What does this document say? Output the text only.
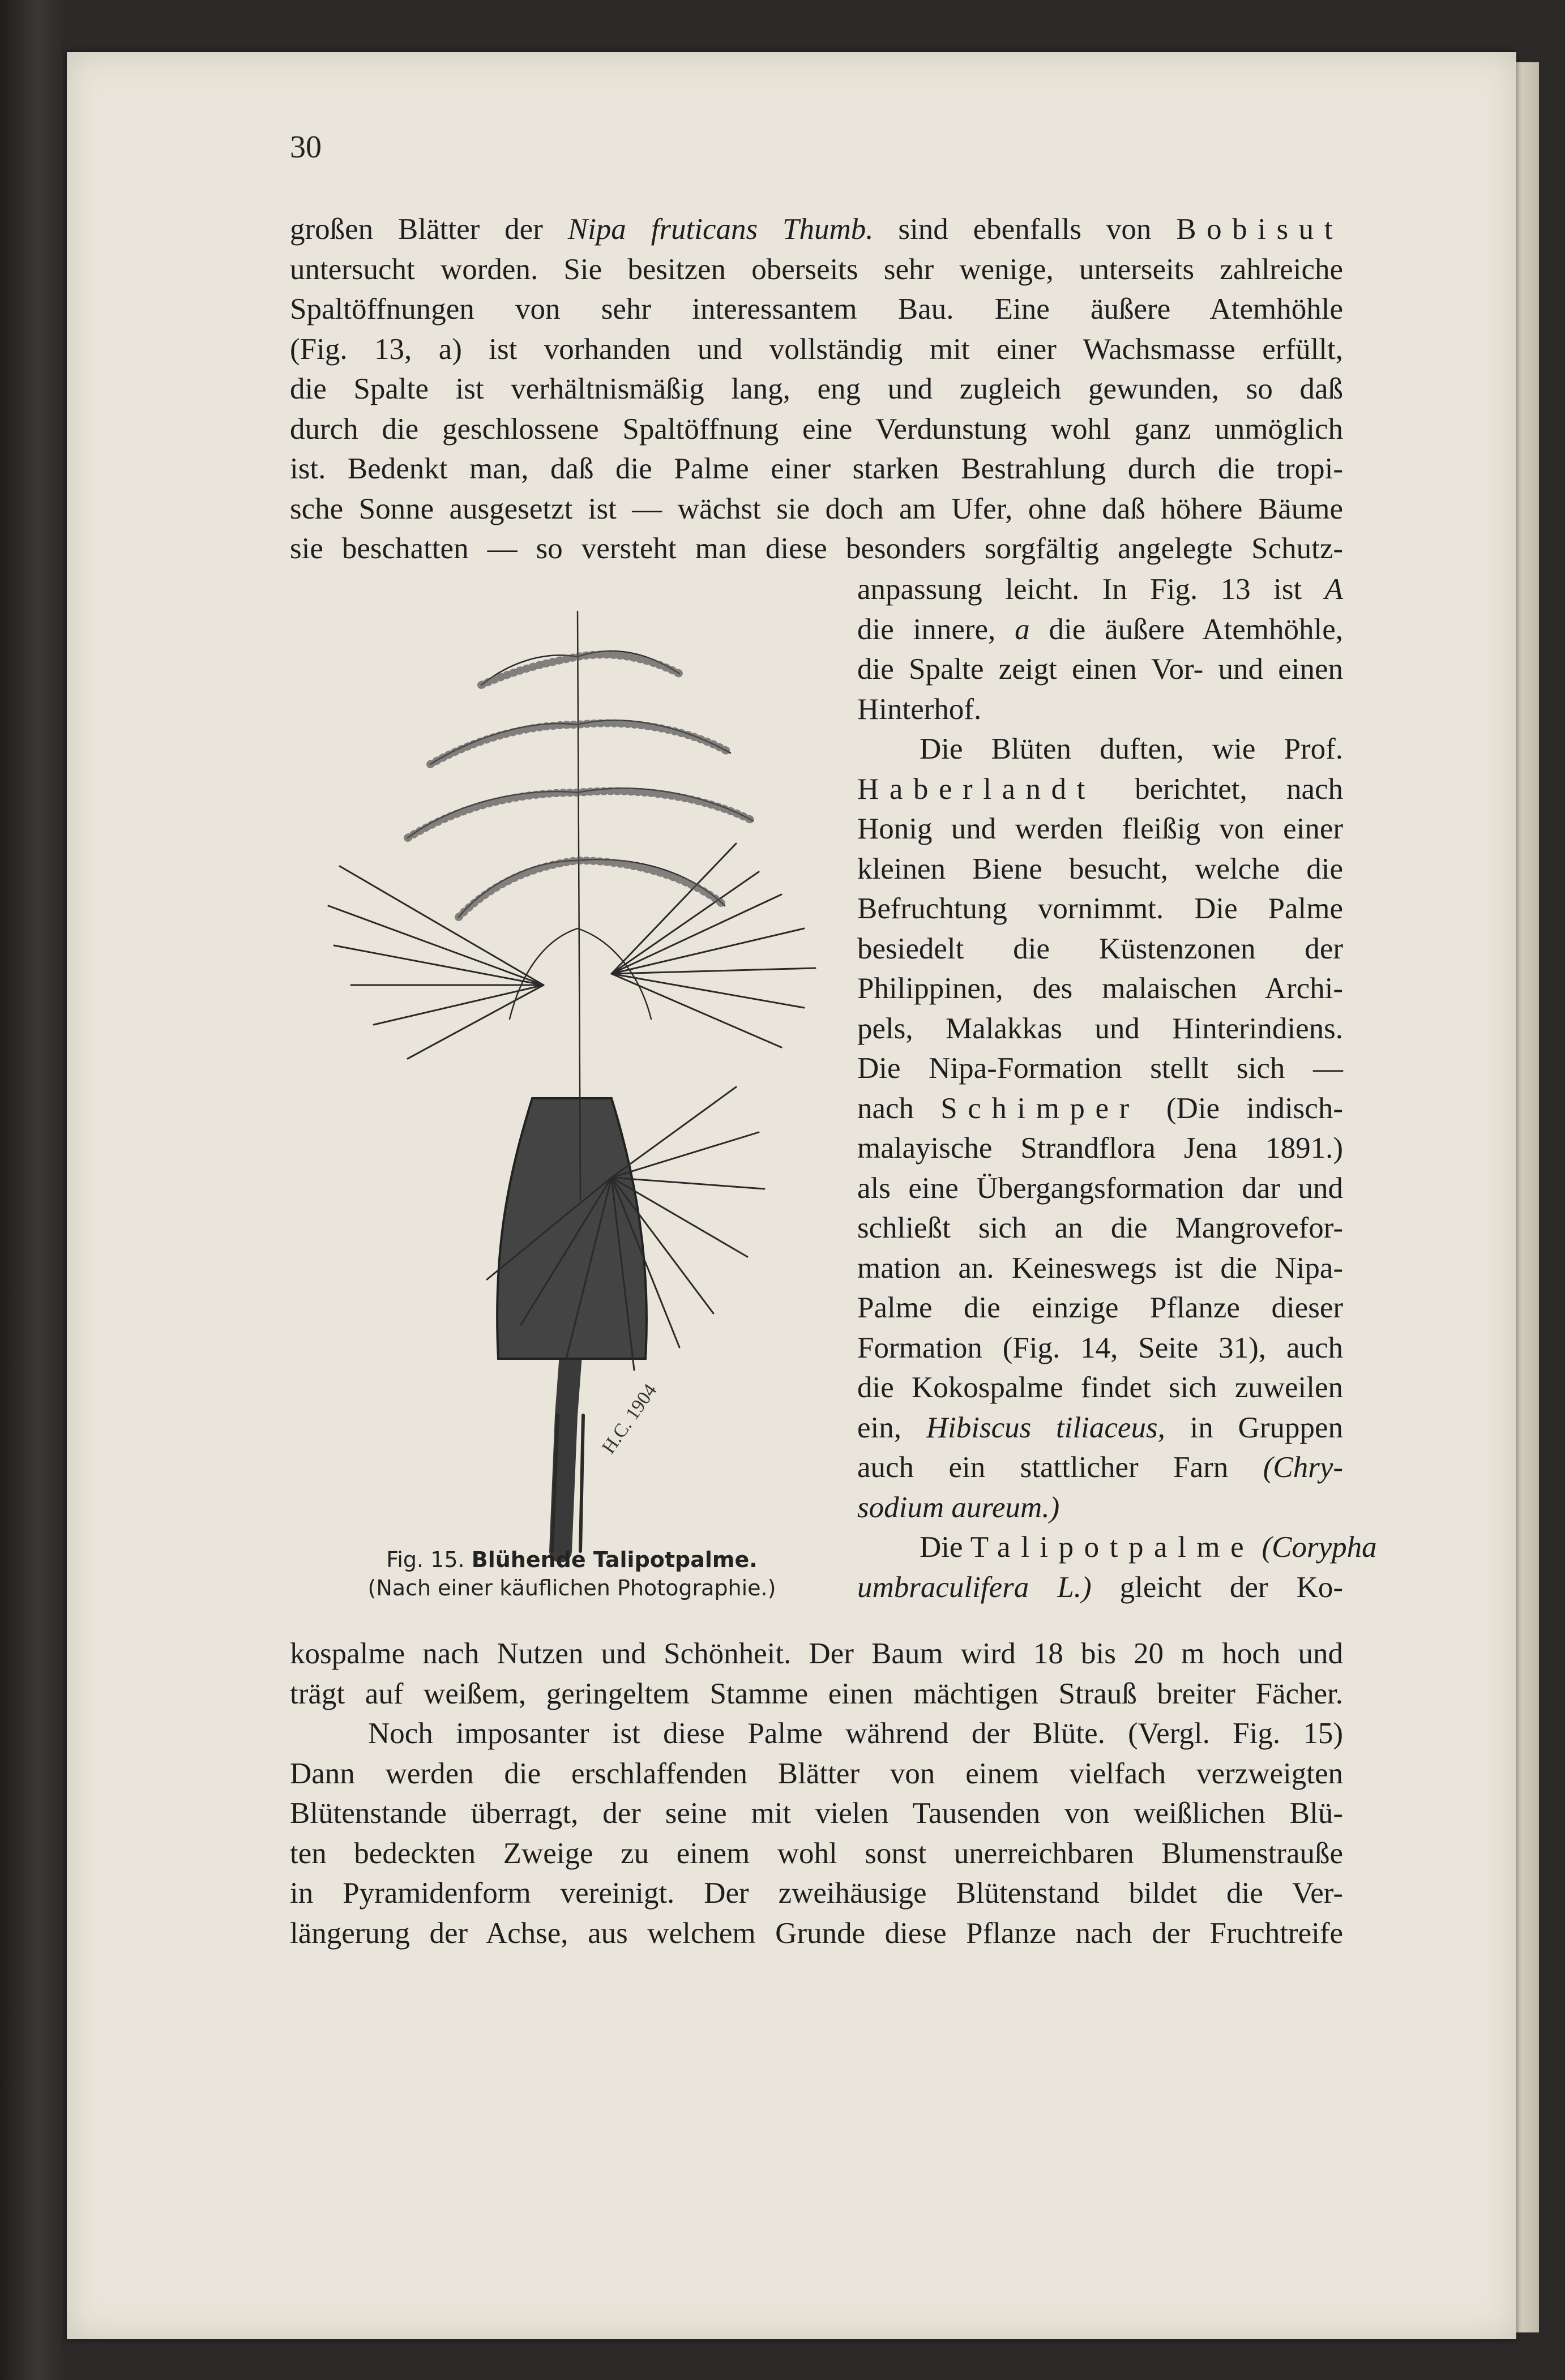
30
großen Blätter der Nipa fruticans Thumb. sind ebenfalls von Bobisut
untersucht worden. Sie besitzen oberseits sehr wenige, unterseits zahlreiche
Spaltöffnungen von sehr interessantem Bau. Eine äußere Atemhöhle
(Fig. 13, a) ist vorhanden und vollständig mit einer Wachsmasse erfüllt,
die Spalte ist verhältnismäßig lang, eng und zugleich gewunden, so daß
durch die geschlossene Spaltöffnung eine Verdunstung wohl ganz unmöglich
ist. Bedenkt man, daß die Palme einer starken Bestrahlung durch die tropi-
sche Sonne ausgesetzt ist — wächst sie doch am Ufer, ohne daß höhere Bäume
sie beschatten — so versteht man diese besonders sorgfältig angelegte Schutz-
H.C. 1904
Fig. 15. Blühende Talipotpalme.
(Nach einer käuflichen Photographie.)
anpassung leicht. In Fig. 13 ist A
die innere, a die äußere Atemhöhle,
die Spalte zeigt einen Vor- und einen
Hinterhof.
Die Blüten duften, wie Prof.
Haberlandt berichtet, nach
Honig und werden fleißig von einer
kleinen Biene besucht, welche die
Befruchtung vornimmt. Die Palme
besiedelt die Küstenzonen der
Philippinen, des malaischen Archi-
pels, Malakkas und Hinterindiens.
Die Nipa-Formation stellt sich —
nach Schimper (Die indisch-
malayische Strandflora Jena 1891.)
als eine Übergangsformation dar und
schließt sich an die Mangrovefor-
mation an. Keineswegs ist die Nipa-
Palme die einzige Pflanze dieser
Formation (Fig. 14, Seite 31), auch
die Kokospalme findet sich zuweilen
ein, Hibiscus tiliaceus, in Gruppen
auch ein stattlicher Farn (Chry-
sodium aureum.)
Die Talipotpalme (Corypha
umbraculifera L.) gleicht der Ko-
kospalme nach Nutzen und Schönheit. Der Baum wird 18 bis 20 m hoch und
trägt auf weißem, geringeltem Stamme einen mächtigen Strauß breiter Fächer.
Noch imposanter ist diese Palme während der Blüte. (Vergl. Fig. 15)
Dann werden die erschlaffenden Blätter von einem vielfach verzweigten
Blütenstande überragt, der seine mit vielen Tausenden von weißlichen Blü-
ten bedeckten Zweige zu einem wohl sonst unerreichbaren Blumenstrauße
in Pyramidenform vereinigt. Der zweihäusige Blütenstand bildet die Ver-
längerung der Achse, aus welchem Grunde diese Pflanze nach der Fruchtreife
